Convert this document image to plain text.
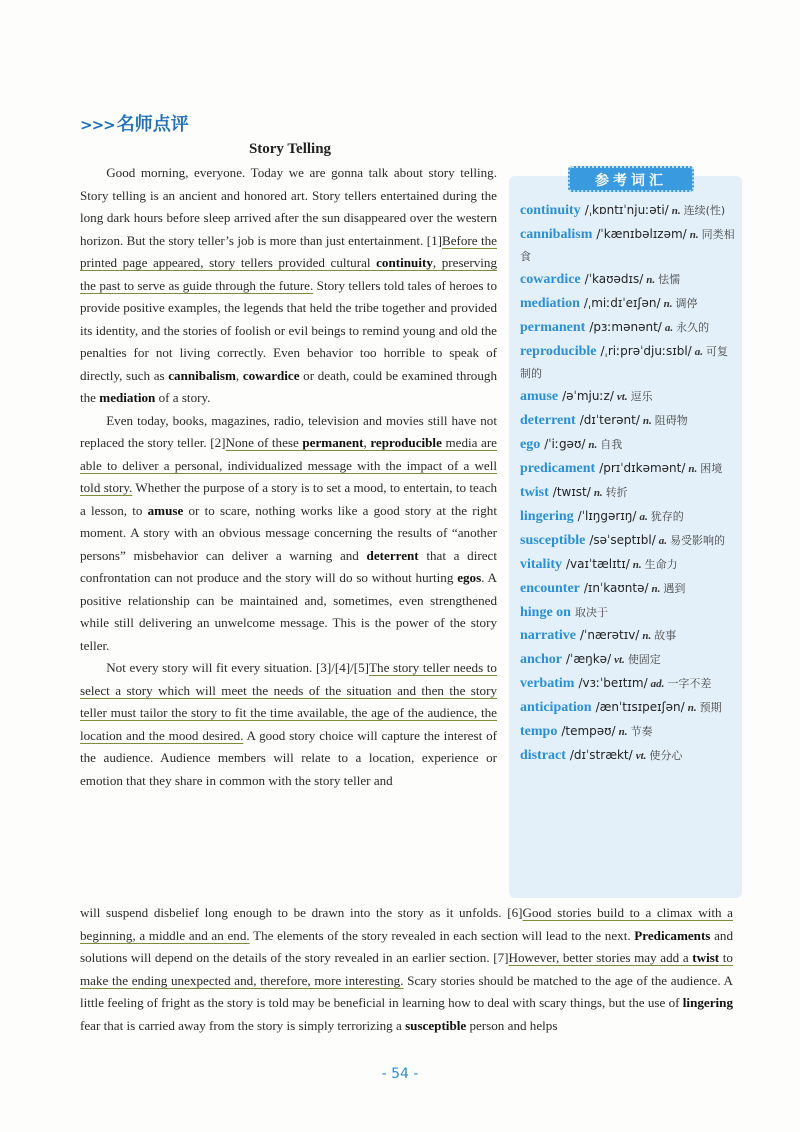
>>> 名师点评
Story Telling

Good morning, everyone. Today we are gonna talk about story telling. Story telling is an ancient and honored art. Story tellers entertained during the long dark hours before sleep arrived after the sun disappeared over the western horizon. But the story teller’s job is more than just entertainment. [1]Before the printed page appeared, story tellers provided cultural continuity, preserving the past to serve as guide through the future. Story tellers told tales of heroes to provide positive examples, the legends that held the tribe together and provided its identity, and the stories of foolish or evil beings to remind young and old the penalties for not living correctly. Even behavior too horrible to speak of directly, such as cannibalism, cowardice or death, could be examined through the mediation of a story.

Even today, books, magazines, radio, television and movies still have not replaced the story teller. [2]None of these permanent, reproducible media are able to deliver a personal, individualized message with the impact of a well told story. Whether the purpose of a story is to set a mood, to entertain, to teach a lesson, to amuse or to scare, nothing works like a good story at the right moment. A story with an obvious message concerning the results of “another persons” misbehavior can deliver a warning and deterrent that a direct confrontation can not produce and the story will do so without hurting egos. A positive relationship can be maintained and, sometimes, even strengthened while still delivering an unwelcome message. This is the power of the story teller.

Not every story will fit every situation. [3]/[4]/[5]The story teller needs to select a story which will meet the needs of the situation and then the story teller must tailor the story to fit the time available, the age of the audience, the location and the mood desired. A good story choice will capture the interest of the audience. Audience members will relate to a location, experience or emotion that they share in common with the story teller and

will suspend disbelief long enough to be drawn into the story as it unfolds. [6]Good stories build to a climax with a beginning, a middle and an end. The elements of the story revealed in each section will lead to the next. Predicaments and solutions will depend on the details of the story revealed in an earlier section. [7]However, better stories may add a twist to make the ending unexpected and, therefore, more interesting. Scary stories should be matched to the age of the audience. A little feeling of fright as the story is told may be beneficial in learning how to deal with scary things, but the use of lingering fear that is carried away from the story is simply terrorizing a susceptible person and helps
参考词汇
continuity /ˌkɒntɪˈnjuːəti/ n. 连续(性)
cannibalism /ˈkænɪbəlɪzəm/ n. 同类相食
cowardice /ˈkaʊədɪs/ n. 怯懦
mediation /ˌmiːdɪˈeɪʃən/ n. 调停
permanent /pɜːmənənt/ a. 永久的
reproducible /ˌriːprəˈdjuːsɪbl/ a. 可复制的
amuse /əˈmjuːz/ vt. 逗乐
deterrent /dɪˈterənt/ n. 阻碍物
ego /ˈiːgəʊ/ n. 自我
predicament /prɪˈdɪkəmənt/ n. 困境
twist /twɪst/ n. 转折
lingering /ˈlɪŋgərɪŋ/ a. 犹存的
susceptible /səˈseptɪbl/ a. 易受影响的
vitality /vaɪˈtælɪtɪ/ n. 生命力
encounter /ɪnˈkaʊntə/ n. 遇到
hinge on 取决于
narrative /ˈnærətɪv/ n. 故事
anchor /ˈæŋkə/ vt. 使固定
verbatim /vɜːˈbeɪtɪm/ ad. 一字不差
anticipation /ænˈtɪsɪpeɪʃən/ n. 预期
tempo /tempəʊ/ n. 节奏
distract /dɪˈstrækt/ vt. 使分心
- 54 -
